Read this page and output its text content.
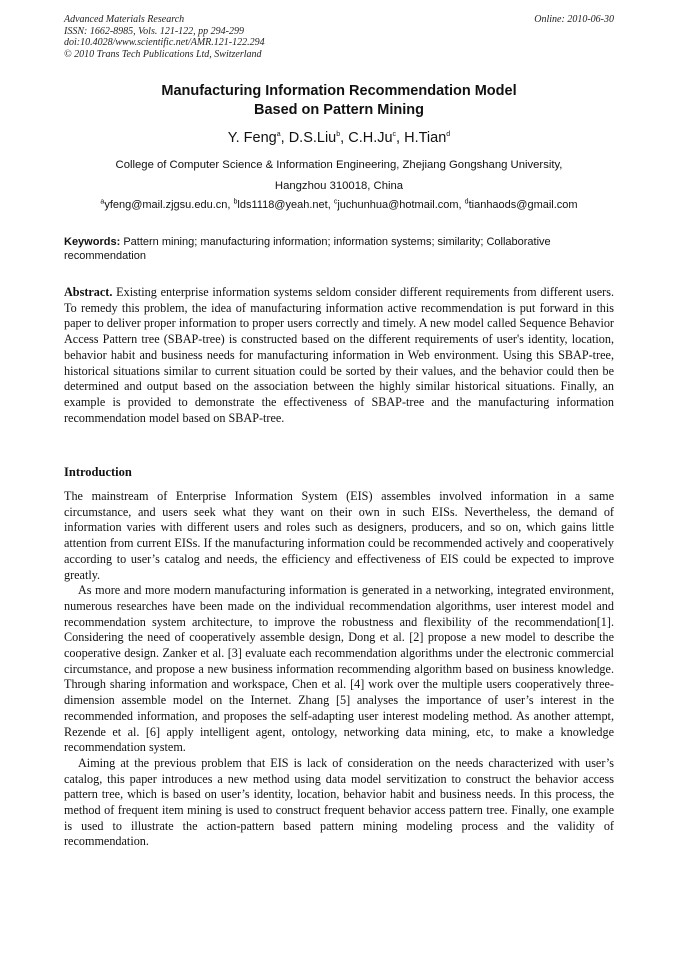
Advanced Materials Research
ISSN: 1662-8985, Vols. 121-122, pp 294-299
doi:10.4028/www.scientific.net/AMR.121-122.294
© 2010 Trans Tech Publications Ltd, Switzerland
Online: 2010-06-30
Manufacturing Information Recommendation Model
Based on Pattern Mining
Y. Feng$^a$, D.S.Liu$^b$, C.H.Ju$^c$, H.Tian$^d$
College of Computer Science & Information Engineering, Zhejiang Gongshang University,
Hangzhou 310018, China
$^a$yfeng@mail.zjgsu.edu.cn, $^b$lds1118@yeah.net, $^c$juchunhua@hotmail.com, $^d$tianhaods@gmail.com
Keywords: Pattern mining; manufacturing information; information systems; similarity; Collaborative recommendation
Abstract. Existing enterprise information systems seldom consider different requirements from different users. To remedy this problem, the idea of manufacturing information active recommendation is put forward in this paper to deliver proper information to proper users correctly and timely. A new model called Sequence Behavior Access Pattern tree (SBAP-tree) is constructed based on the different requirements of user's identity, location, behavior habit and business needs for manufacturing information in Web environment. Using this SBAP-tree, historical situations similar to current situation could be sorted by their values, and the behavior could then be determined and output based on the association between the highly similar historical situations. Finally, an example is provided to demonstrate the effectiveness of SBAP-tree and the manufacturing information recommendation model based on SBAP-tree.
Introduction

The mainstream of Enterprise Information System (EIS) assembles involved information in a same circumstance, and users seek what they want on their own in such EISs. Nevertheless, the demand of information varies with different users and roles such as designers, producers, and so on, which gains little attention from current EISs. If the manufacturing information could be recommended actively and cooperatively according to user’s catalog and needs, the efficiency and effectiveness of EIS could be expected to improve greatly.

As more and more modern manufacturing information is generated in a networking, integrated environment, numerous researches have been made on the individual recommendation algorithms, user interest model and recommendation system architecture, to improve the robustness and flexibility of the recommendation[1]. Considering the need of cooperatively assemble design, Dong et al. [2] propose a new model to describe the cooperative design. Zanker et al. [3] evaluate each recommendation algorithms under the electronic commercial circumstance, and propose a new business information recommending algorithm based on business knowledge. Through sharing information and workspace, Chen et al. [4] work over the multiple users cooperatively three-dimension assemble model on the Internet. Zhang [5] analyses the importance of user’s interest in the recommended information, and proposes the self-adapting user interest modeling method. As another attempt, Rezende et al. [6] apply intelligent agent, ontology, networking data mining, etc, to make a knowledge recommendation system.

Aiming at the previous problem that EIS is lack of consideration on the needs characterized with user’s catalog, this paper introduces a new method using data model servitization to construct the behavior access pattern tree, which is based on user’s identity, location, behavior habit and business needs. In this process, the method of frequent item mining is used to construct frequent behavior access pattern tree. Finally, one example is used to illustrate the action-pattern based pattern mining modeling process and the validity of recommendation.
